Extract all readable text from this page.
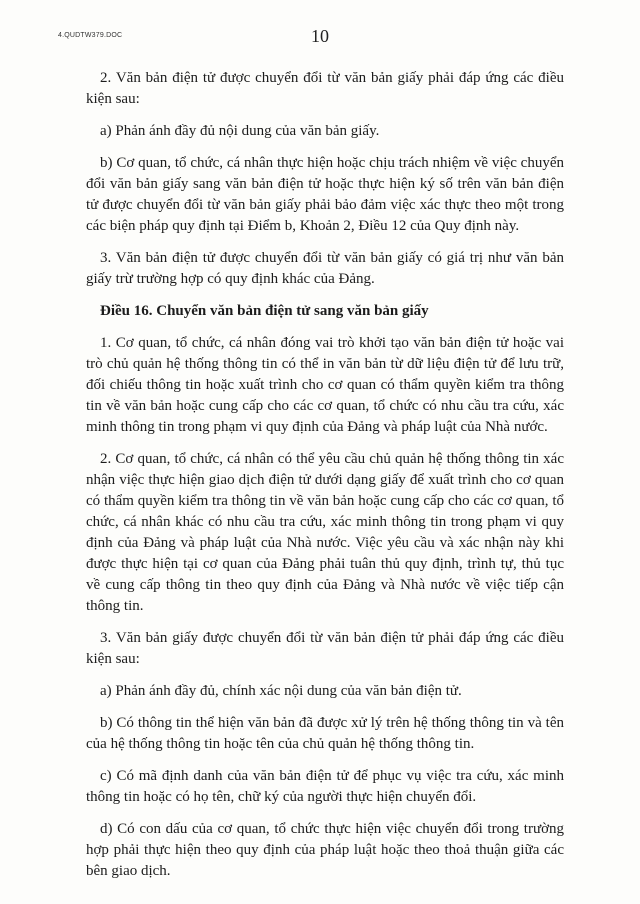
4.QUDTW379.DOC	10

2. Văn bản điện tử được chuyển đổi từ văn bản giấy phải đáp ứng các điều kiện sau:

a) Phản ánh đầy đủ nội dung của văn bản giấy.

b) Cơ quan, tổ chức, cá nhân thực hiện hoặc chịu trách nhiệm về việc chuyển đổi văn bản giấy sang văn bản điện tử hoặc thực hiện ký số trên văn bản điện tử được chuyển đổi từ văn bản giấy phải bảo đảm việc xác thực theo một trong các biện pháp quy định tại Điểm b, Khoản 2, Điều 12 của Quy định này.

3. Văn bản điện tử được chuyển đổi từ văn bản giấy có giá trị như văn bản giấy trừ trường hợp có quy định khác của Đảng.

Điều 16. Chuyển văn bản điện tử sang văn bản giấy

1. Cơ quan, tổ chức, cá nhân đóng vai trò khởi tạo văn bản điện tử hoặc vai trò chủ quản hệ thống thông tin có thể in văn bản từ dữ liệu điện tử để lưu trữ, đối chiếu thông tin hoặc xuất trình cho cơ quan có thẩm quyền kiểm tra thông tin về văn bản hoặc cung cấp cho các cơ quan, tổ chức có nhu cầu tra cứu, xác minh thông tin trong phạm vi quy định của Đảng và pháp luật của Nhà nước.

2. Cơ quan, tổ chức, cá nhân có thể yêu cầu chủ quản hệ thống thông tin xác nhận việc thực hiện giao dịch điện tử dưới dạng giấy để xuất trình cho cơ quan có thẩm quyền kiểm tra thông tin về văn bản hoặc cung cấp cho các cơ quan, tổ chức, cá nhân khác có nhu cầu tra cứu, xác minh thông tin trong phạm vi quy định của Đảng và pháp luật của Nhà nước. Việc yêu cầu và xác nhận này khi được thực hiện tại cơ quan của Đảng phải tuân thủ quy định, trình tự, thủ tục về cung cấp thông tin theo quy định của Đảng và Nhà nước về việc tiếp cận thông tin.

3. Văn bản giấy được chuyển đổi từ văn bản điện tử phải đáp ứng các điều kiện sau:

a) Phản ánh đầy đủ, chính xác nội dung của văn bản điện tử.

b) Có thông tin thể hiện văn bản đã được xử lý trên hệ thống thông tin và tên của hệ thống thông tin hoặc tên của chủ quản hệ thống thông tin.

c) Có mã định danh của văn bản điện tử để phục vụ việc tra cứu, xác minh thông tin hoặc có họ tên, chữ ký của người thực hiện chuyển đổi.

d) Có con dấu của cơ quan, tổ chức thực hiện việc chuyển đổi trong trường hợp phải thực hiện theo quy định của pháp luật hoặc theo thoả thuận giữa các bên giao dịch.
